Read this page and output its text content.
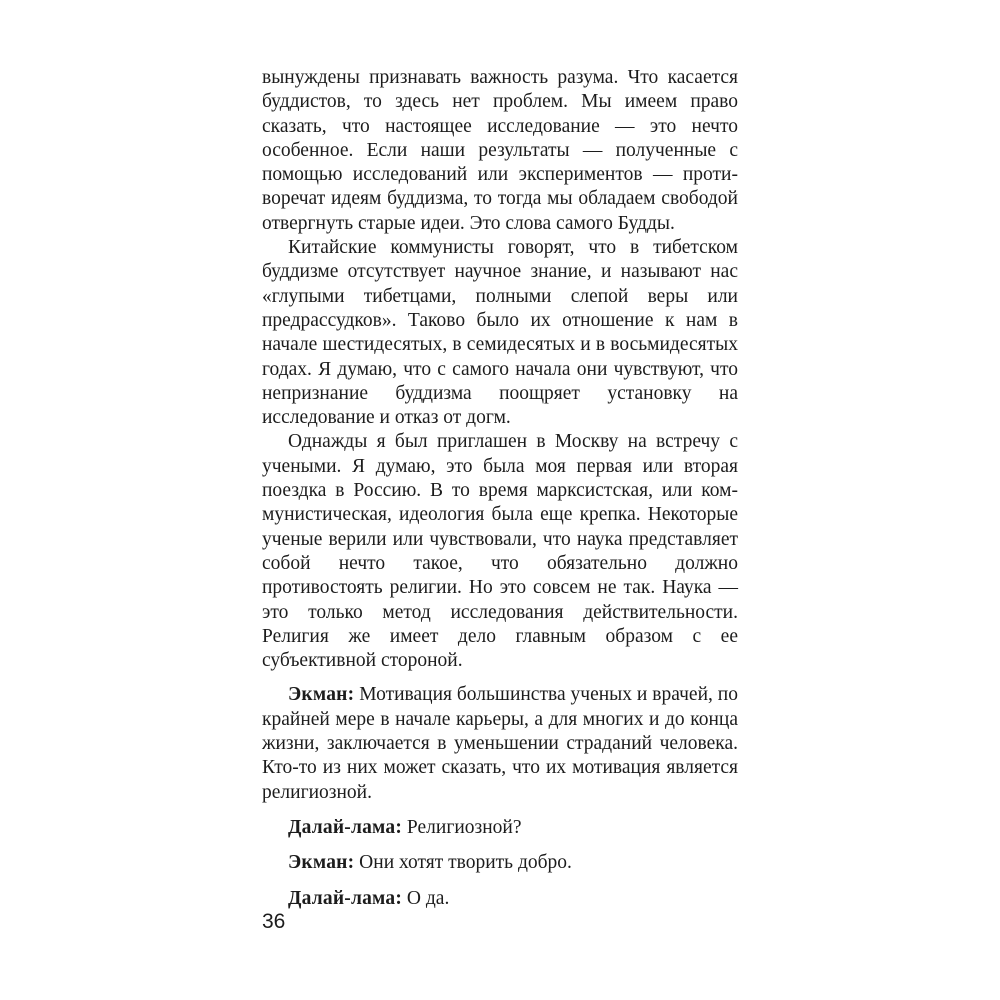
вынуждены признавать важность разума. Что касается буддистов, то здесь нет проблем. Мы имеем право сказать, что настоящее исследование — это нечто особенное. Если наши результаты — полученные с помощью исследований или экспериментов — противоречат идеям буддизма, то тогда мы обладаем свободой отвергнуть старые идеи. Это слова самого Будды.

Китайские коммунисты говорят, что в тибетском буддизме отсутствует научное знание, и называют нас «глупыми тибетцами, полными слепой веры или предрассудков». Таково было их отношение к нам в начале шестидесятых, в семидесятых и в восьмидесятых годах. Я думаю, что с самого начала они чувствуют, что непризнание буддизма поощряет установку на исследование и отказ от догм.

Однажды я был приглашен в Москву на встречу с учеными. Я думаю, это была моя первая или вторая поездка в Россию. В то время марксистская, или коммунистическая, идеология была еще крепка. Некоторые ученые верили или чувствовали, что наука представляет собой нечто такое, что обязательно должно противостоять религии. Но это совсем не так. Наука — это только метод исследования действительности. Религия же имеет дело главным образом с ее субъективной стороной.

Экман: Мотивация большинства ученых и врачей, по крайней мере в начале карьеры, а для многих и до конца жизни, заключается в уменьшении страданий человека. Кто-то из них может сказать, что их мотивация является религиозной.

Далай-лама: Религиозной?

Экман: Они хотят творить добро.

Далай-лама: О да.

36
